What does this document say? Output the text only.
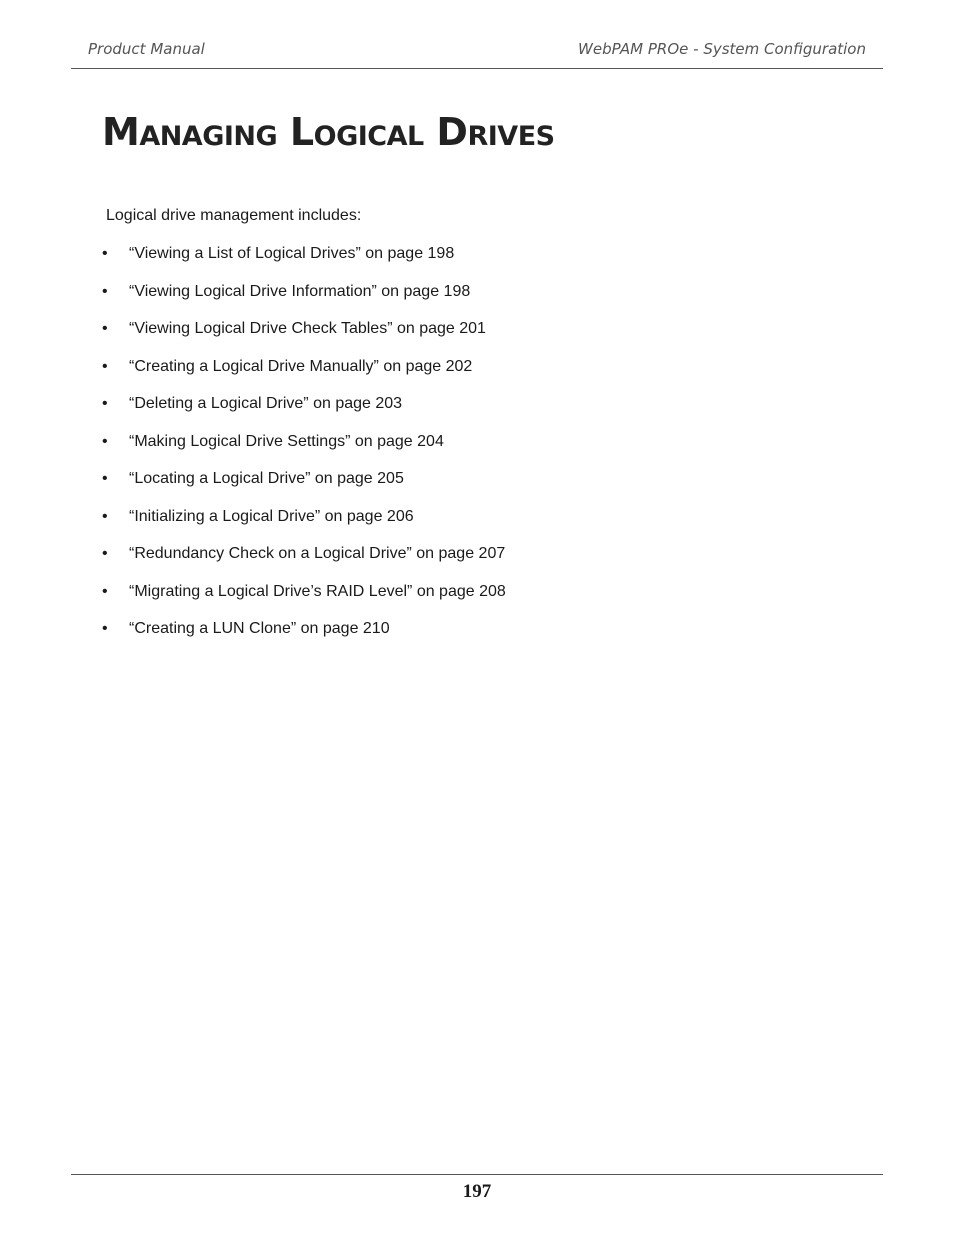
Product Manual	WebPAM PROe - System Configuration
Managing Logical Drives
Logical drive management includes:
• “Viewing a List of Logical Drives” on page 198
• “Viewing Logical Drive Information” on page 198
• “Viewing Logical Drive Check Tables” on page 201
• “Creating a Logical Drive Manually” on page 202
• “Deleting a Logical Drive” on page 203
• “Making Logical Drive Settings” on page 204
• “Locating a Logical Drive” on page 205
• “Initializing a Logical Drive” on page 206
• “Redundancy Check on a Logical Drive” on page 207
• “Migrating a Logical Drive’s RAID Level” on page 208
• “Creating a LUN Clone” on page 210
197
